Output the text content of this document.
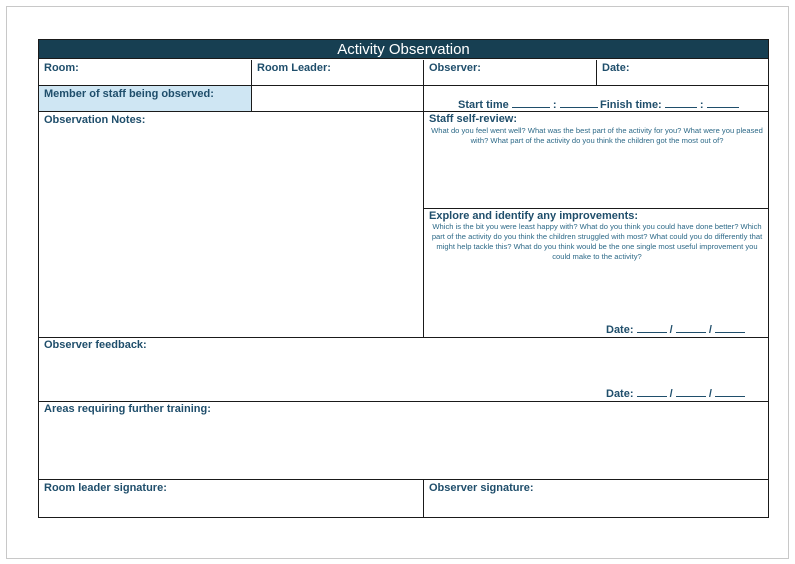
Activity Observation
Room:	Room Leader:	Observer:	Date:
Member of staff being observed:
Start time	:	Finish time:	:
Observation Notes:	Staff self-review:
What do you feel went well? What was the best part of the activity for you? What were you pleased with? What part of the activity do you think the children got the most out of?
Explore and identify any improvements:
Which is the bit you were least happy with? What do you think you could have done better? Which part of the activity do you think the children struggled with most? What could you do differently that might help tackle this? What do you think would be the one single most useful improvement you could make to the activity?
Date:	/	/
Observer feedback:
Date:	/	/
Areas requiring further training:
Room leader signature:	Observer signature:
